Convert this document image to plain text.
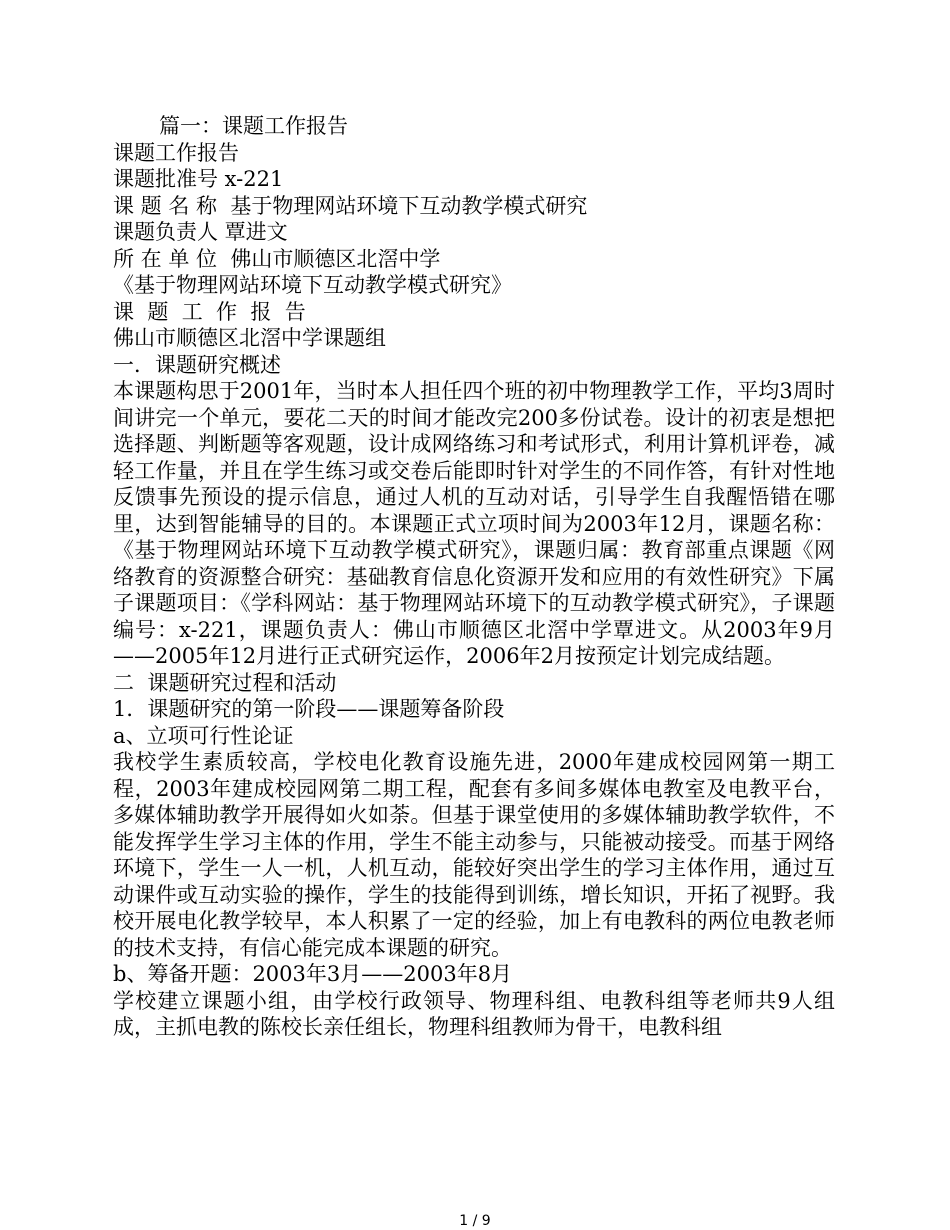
篇一：课题工作报告
课题工作报告
课题批准号 x-221
课 题 名 称  基于物理网站环境下互动教学模式研究
课题负责人 覃进文
所 在 单 位  佛山市顺德区北滘中学
《基于物理网站环境下互动教学模式研究》
课  题  工  作  报  告
佛山市顺德区北滘中学课题组
一．课题研究概述
本课题构思于2001年，当时本人担任四个班的初中物理教学工作，平均3周时间讲完一个单元，要花二天的时间才能改完200多份试卷。设计的初衷是想把选择题、判断题等客观题，设计成网络练习和考试形式，利用计算机评卷，减轻工作量，并且在学生练习或交卷后能即时针对学生的不同作答，有针对性地反馈事先预设的提示信息，通过人机的互动对话，引导学生自我醒悟错在哪里，达到智能辅导的目的。本课题正式立项时间为2003年12月，课题名称：《基于物理网站环境下互动教学模式研究》，课题归属：教育部重点课题《网络教育的资源整合研究：基础教育信息化资源开发和应用的有效性研究》下属子课题项目：《学科网站：基于物理网站环境下的互动教学模式研究》，子课题编号：x-221，课题负责人：佛山市顺德区北滘中学覃进文。从2003年9月——2005年12月进行正式研究运作，2006年2月按预定计划完成结题。
二  课题研究过程和活动
1．课题研究的第一阶段——课题筹备阶段
a、立项可行性论证
我校学生素质较高，学校电化教育设施先进，2000年建成校园网第一期工程，2003年建成校园网第二期工程，配套有多间多媒体电教室及电教平台，多媒体辅助教学开展得如火如荼。但基于课堂使用的多媒体辅助教学软件，不能发挥学生学习主体的作用，学生不能主动参与，只能被动接受。而基于网络环境下，学生一人一机，人机互动，能较好突出学生的学习主体作用，通过互动课件或互动实验的操作，学生的技能得到训练，增长知识，开拓了视野。我校开展电化教学较早，本人积累了一定的经验，加上有电教科的两位电教老师的技术支持，有信心能完成本课题的研究。
b、筹备开题：2003年3月——2003年8月
学校建立课题小组，由学校行政领导、物理科组、电教科组等老师共9人组成，主抓电教的陈校长亲任组长，物理科组教师为骨干，电教科组
1 / 9
